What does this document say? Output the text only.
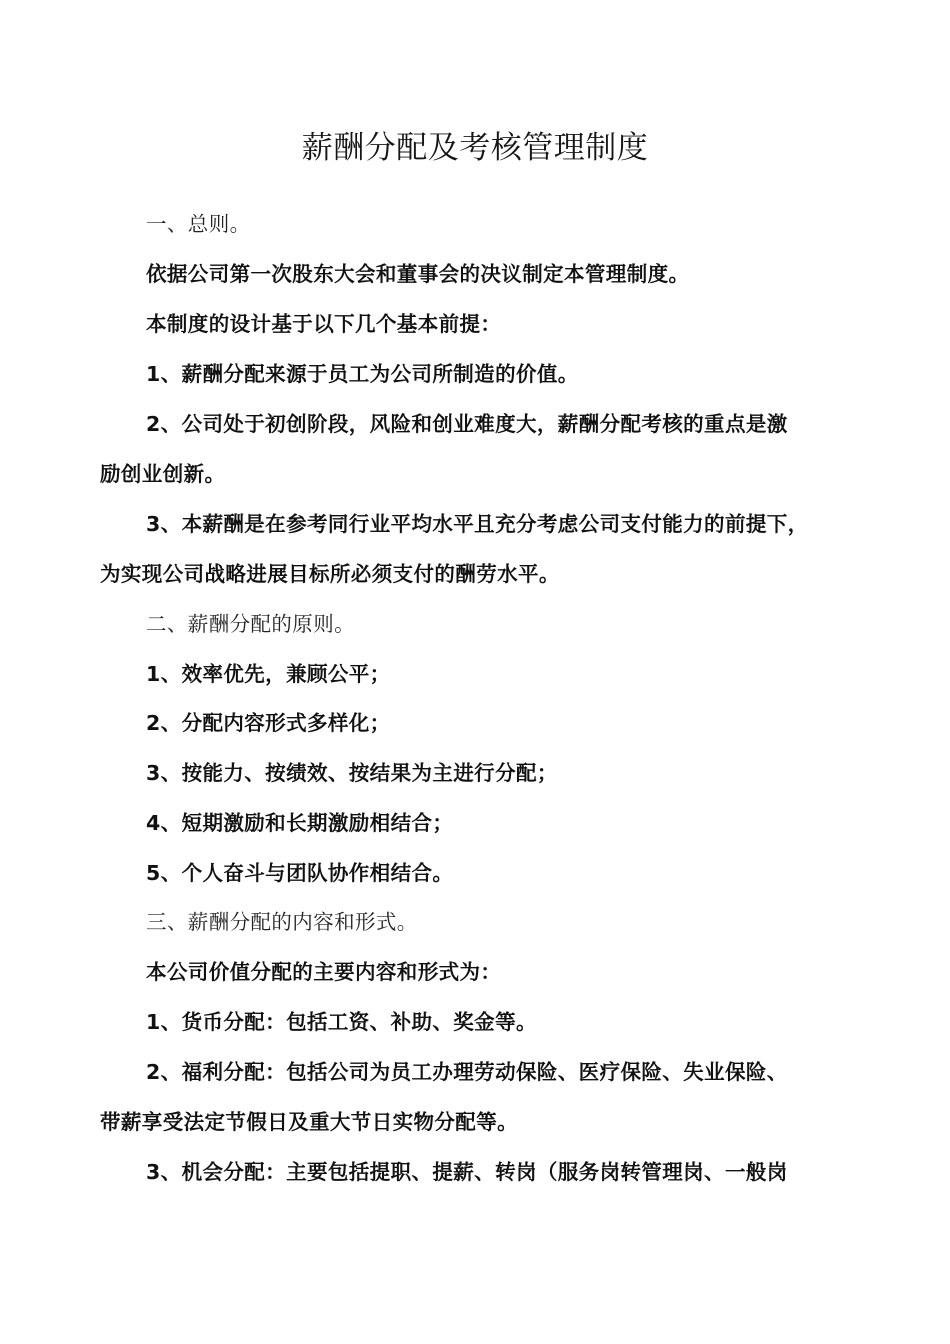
薪酬分配及考核管理制度
一、总则。
依据公司第一次股东大会和董事会的决议制定本管理制度。
本制度的设计基于以下几个基本前提：
1、薪酬分配来源于员工为公司所制造的价值。
2、公司处于初创阶段，风险和创业难度大，薪酬分配考核的重点是激
励创业创新。
3、本薪酬是在参考同行业平均水平且充分考虑公司支付能力的前提下，
为实现公司战略进展目标所必须支付的酬劳水平。
二、薪酬分配的原则。
1、效率优先，兼顾公平；
2、分配内容形式多样化；
3、按能力、按绩效、按结果为主进行分配；
4、短期激励和长期激励相结合；
5、个人奋斗与团队协作相结合。
三、薪酬分配的内容和形式。
本公司价值分配的主要内容和形式为：
1、货币分配：包括工资、补助、奖金等。
2、福利分配：包括公司为员工办理劳动保险、医疗保险、失业保险、
带薪享受法定节假日及重大节日实物分配等。
3、机会分配：主要包括提职、提薪、转岗（服务岗转管理岗、一般岗
